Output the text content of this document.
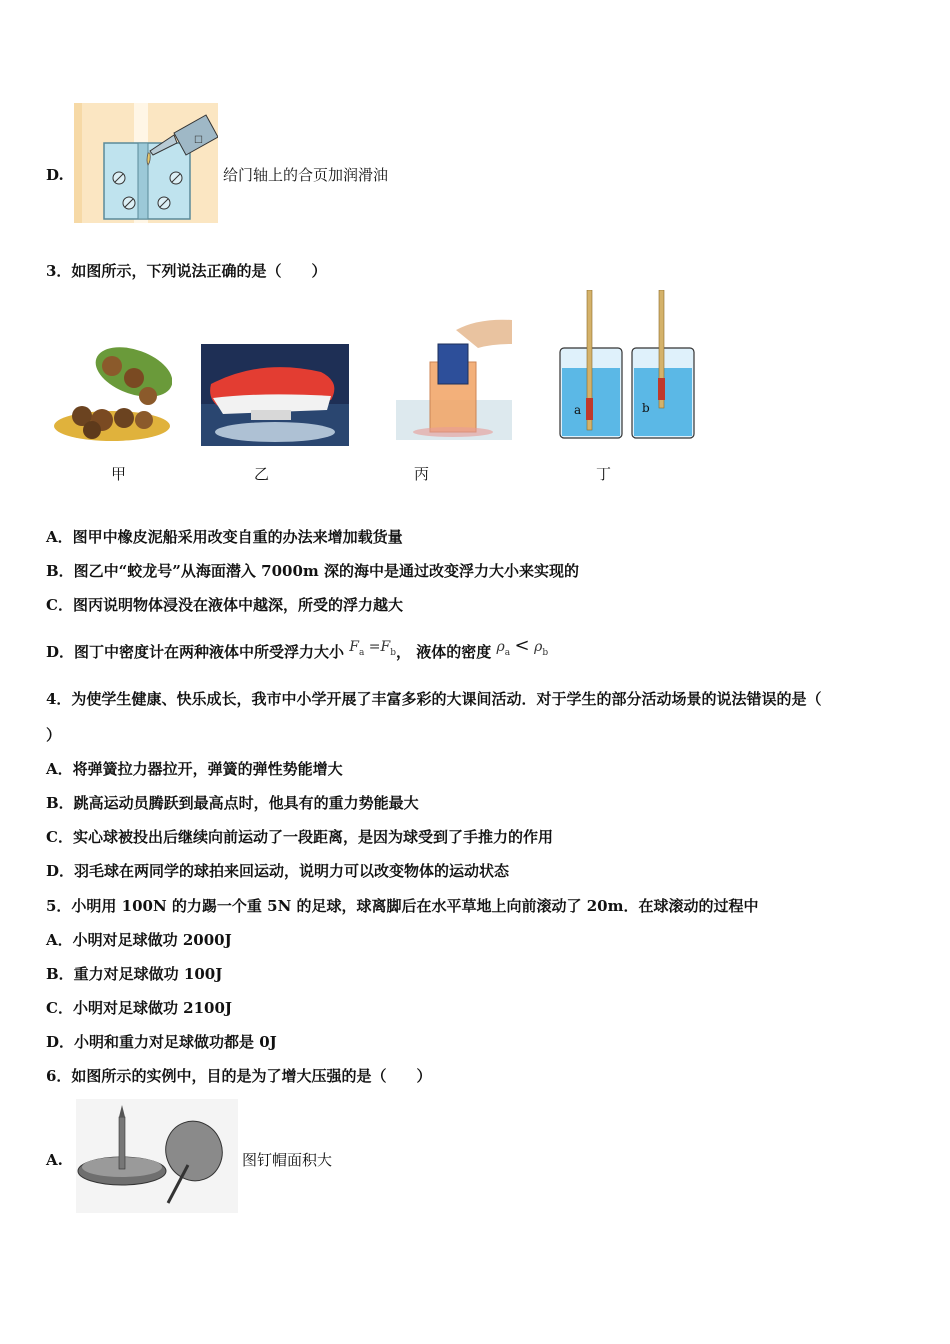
D.
☐
给门轴上的合页加润滑油
3．如图所示，下列说法正确的是（　　）
a	b
甲	乙	丙	丁
A．图甲中橡皮泥船采用改变自重的办法来增加载货量
B．图乙中“蛟龙号”从海面潜入 7000m 深的海中是通过改变浮力大小来实现的
C．图丙说明物体浸没在液体中越深，所受的浮力越大
D．图丁中密度计在两种液体中所受浮力大小 $F_a =F_b$， 液体的密度 $\rho_a < \rho_b$
4．为使学生健康、快乐成长，我市中小学开展了丰富多彩的大课间活动．对于学生的部分活动场景的说法错误的是（
）
A．将弹簧拉力器拉开，弹簧的弹性势能增大
B．跳高运动员腾跃到最高点时，他具有的重力势能最大
C．实心球被投出后继续向前运动了一段距离，是因为球受到了手推力的作用
D．羽毛球在两同学的球拍来回运动，说明力可以改变物体的运动状态
5．小明用 100N 的力踢一个重 5N 的足球，球离脚后在水平草地上向前滚动了 20m．在球滚动的过程中
A．小明对足球做功 2000J
B．重力对足球做功 100J
C．小明对足球做功 2100J
D．小明和重力对足球做功都是 0J
6．如图所示的实例中，目的是为了增大压强的是（　　）
A.	图钉帽面积大
